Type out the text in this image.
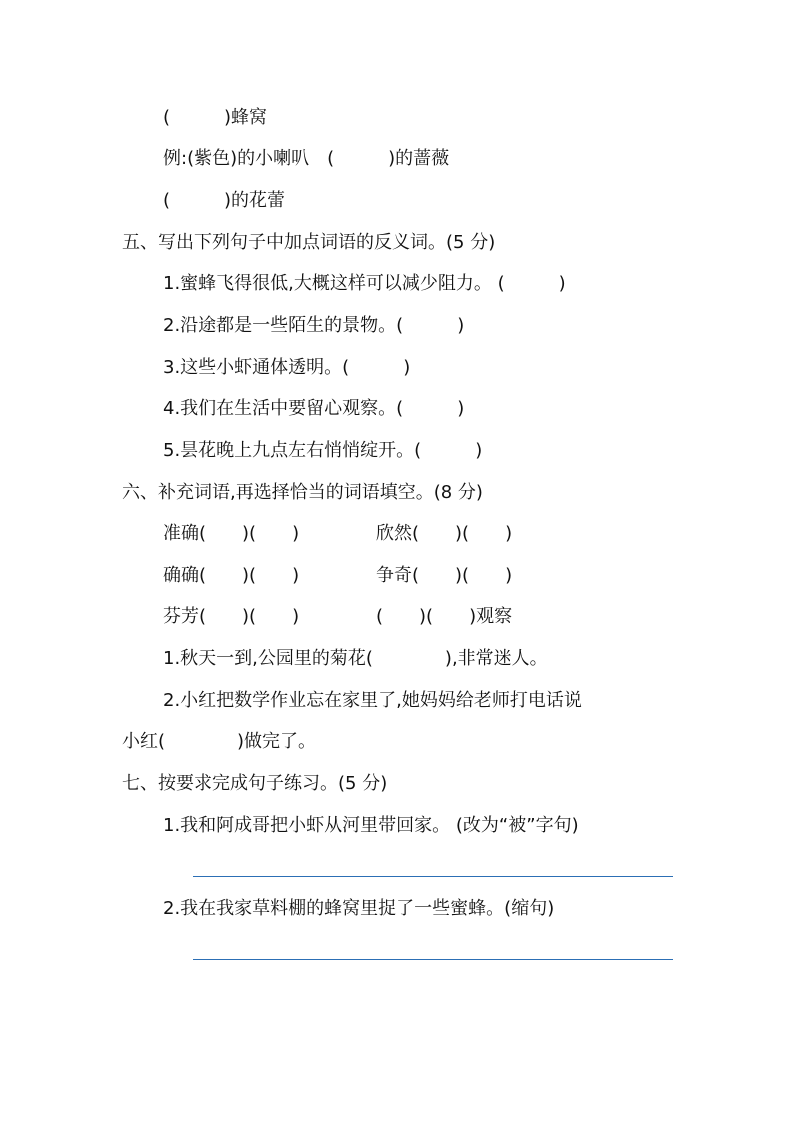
(　　　)蜂窝
例:(紫色)的小喇叭　(　　　)的蔷薇
(　　　)的花蕾
五、写出下列句子中加点词语的反义词。(5 分)
1.蜜蜂飞得很低,大概这样可以减少阻力。 (　　　)
2.沿途都是一些陌生的景物。(　　　)
3.这些小虾通体透明。(　　　)
4.我们在生活中要留心观察。(　　　)
5.昙花晚上九点左右悄悄绽开。(　　　)
六、补充词语,再选择恰当的词语填空。(8 分)
准确(　　)(　　)	欣然(　　)(　　)
确确(　　)(　　)	争奇(　　)(　　)
芬芳(　　)(　　)	(　　)(　　)观察
1.秋天一到,公园里的菊花(　　　　),非常迷人。
2.小红把数学作业忘在家里了,她妈妈给老师打电话说
小红(　　　　)做完了。
七、按要求完成句子练习。(5 分)
1.我和阿成哥把小虾从河里带回家。 (改为“被”字句)
2.我在我家草料棚的蜂窝里捉了一些蜜蜂。(缩句)
